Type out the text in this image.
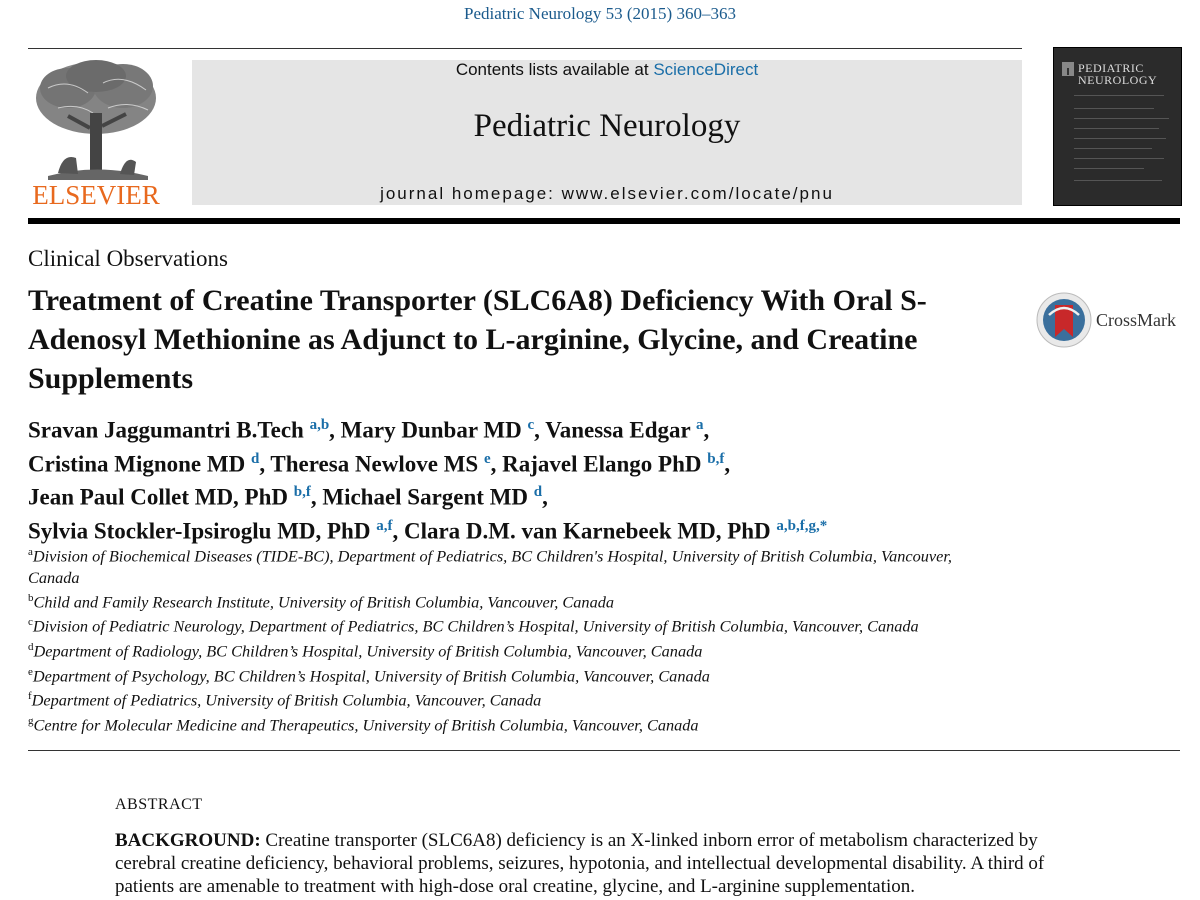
Pediatric Neurology 53 (2015) 360–363
ELSEVIER
Contents lists available at ScienceDirect
Pediatric Neurology
journal homepage: www.elsevier.com/locate/pnu
PEDIATRIC
NEUROLOGY
Clinical Observations
Treatment of Creatine Transporter (SLC6A8) Deficiency With Oral S-Adenosyl Methionine as Adjunct to L-arginine, Glycine, and Creatine Supplements
CrossMark
Sravan Jaggumantri B.Tech $^{a,b}$, Mary Dunbar MD $^c$, Vanessa Edgar $^a$,
Cristina Mignone MD $^d$, Theresa Newlove MS $^e$, Rajavel Elango PhD $^{b,f}$,
Jean Paul Collet MD, PhD $^{b,f}$, Michael Sargent MD $^d$,
Sylvia Stockler-Ipsiroglu MD, PhD $^{a,f}$, Clara D.M. van Karnebeek MD, PhD $^{a,b,f,g,*}$
$^a$Division of Biochemical Diseases (TIDE-BC), Department of Pediatrics, BC Children's Hospital, University of British Columbia, Vancouver, Canada
$^b$Child and Family Research Institute, University of British Columbia, Vancouver, Canada
$^c$Division of Pediatric Neurology, Department of Pediatrics, BC Children’s Hospital, University of British Columbia, Vancouver, Canada
$^d$Department of Radiology, BC Children’s Hospital, University of British Columbia, Vancouver, Canada
$^e$Department of Psychology, BC Children’s Hospital, University of British Columbia, Vancouver, Canada
$^f$Department of Pediatrics, University of British Columbia, Vancouver, Canada
$^g$Centre for Molecular Medicine and Therapeutics, University of British Columbia, Vancouver, Canada
ABSTRACT
BACKGROUND: Creatine transporter (SLC6A8) deficiency is an X-linked inborn error of metabolism characterized by cerebral creatine deficiency, behavioral problems, seizures, hypotonia, and intellectual developmental disability. A third of patients are amenable to treatment with high-dose oral creatine, glycine, and L-arginine supplementation.
